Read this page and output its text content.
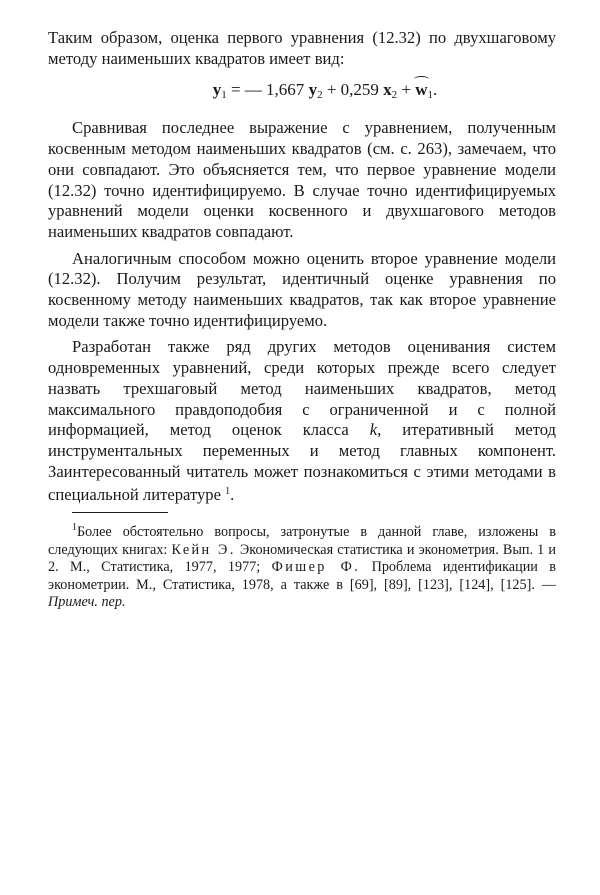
Таким образом, оценка первого уравнения (12.32) по двухшаговому методу наименьших квадратов имеет вид:

$y_1$ = — 1,667 $y_2 + 0,259$ $x_2 + w_1$.

Сравнивая последнее выражение с уравнением, полученным косвенным методом наименьших квадратов (см. с. 263), замечаем, что они совпадают. Это объясняется тем, что первое уравнение модели (12.32) точно идентифицируемо. В случае точно идентифицируемых уравнений модели оценки косвенного и двухшагового методов наименьших квадратов совпадают.

Аналогичным способом можно оценить второе уравнение модели (12.32). Получим результат, идентичный оценке уравнения по косвенному методу наименьших квадратов, так как второе уравнение модели также точно идентифицируемо.

Разработан также ряд других методов оценивания систем одновременных уравнений, среди которых прежде всего следует назвать трехшаговый метод наименьших квадратов, метод максимального правдоподобия с ограниченной и с полной информацией, метод оценок класса k, итеративный метод инструментальных переменных и метод главных компонент. Заинтересованный читатель может познакомиться с этими методами в специальной литературе $^1$.

$^1$Более обстоятельно вопросы, затронутые в данной главе, изложены в следующих книгах: Кейн Э. Экономическая статистика и эконометрия. Вып. 1 и 2. М., Статистика, 1977, 1977; Фишер Ф. Проблема идентификации в эконометрии. М., Статистика, 1978, а также в [69], [89], [123], [124], [125]. — Примеч. пер.
